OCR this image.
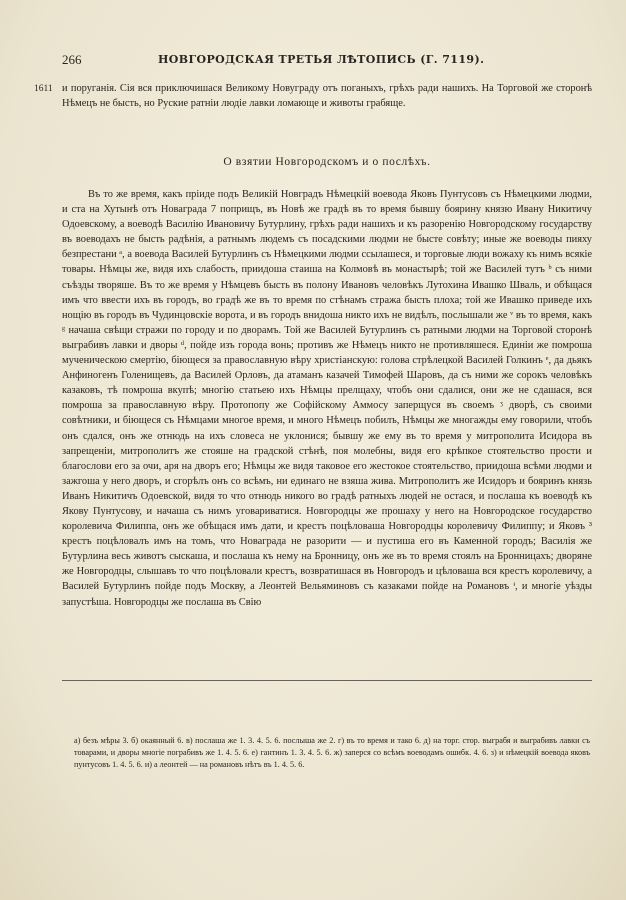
266	НОВГОРОДСКАЯ ТРЕТЬЯ ЛѢТОПИСЬ (Г. 7119).
1611 и поруганія. Сія вся приключишася Великому Новуграду отъ поганыхъ, грѣхъ ради нашихъ. На Торговой же сторонѣ Нѣмецъ не бысть, но Руские ратніи людіе лавки ломающе и животы грабяще.

О взятии Новгородскомъ и о послѣхъ.

Въ то же время, какъ пріиде подъ Великій Новградъ Нѣмецкій воевода Яковъ Пунтусовъ съ Нѣмецкими людми, и ста на Хутынѣ отъ Новаграда 7 поприщъ, въ Новѣ же градѣ въ то время бывшу боярину князю Ивану Никитичу Одоевскому, а воеводѣ Василію Ивановичу Бутурлину, грѣхъ ради нашихъ и къ разоренію Новгородскому государству въ воеводахъ не бысть радѣнія, а ратнымъ людемъ съ посадскими людми не бысте совѣту; иные же воеводы пияху безпрестани ᵃ, а воевода Василей Бутурлинъ съ Нѣмецкими людми ссылашеся, и торговые люди вожаху къ нимъ всякіе товары. Нѣмцы же, видя ихъ слабость, приидоша стаиша на Колмовѣ въ монастырѣ; той же Василей тутъ ᵇ съ ними съѣзды творяше. Въ то же время у Нѣмцевъ бысть въ полону Ивановъ человѣкъ Лутохина Ивашко Шваль, и обѣщася имъ что ввести ихъ въ городъ, во градѣ же въ то время по стѣнамъ стража бысть плоха; той же Ивашко приведе ихъ нощію въ городъ въ Чудинцовскіе ворота, и въ городъ внидоша никто ихъ не видѣлъ, послышали же ᵛ въ то время, какъ ᵍ начаша свѣщи стражи по городу и по дворамъ. Той же Василей Бутурлинъ съ ратными людми на Торговой сторонѣ выграбивъ лавки и дворы ᵈ, пойде изъ города вонь; противъ же Нѣмецъ никто не противляшеся. Единіи же помроша мученическою смертію, біющеся за православную вѣру христіанскую: голова стрѣлецкой Василей Голкинъ ᵉ, да дьякъ Анфиногенъ Голенищевъ, да Василей Орловъ, да атаманъ казачей Тимофей Шаровъ, да съ ними же сорокъ человѣкъ казаковъ, тѣ помроша вкупѣ; многію статьею ихъ Нѣмцы прелщаху, чтобъ они сдалися, они же не сдашася, вся помроша за православную вѣру. Протопопу же Софійскому Аммосу заперщуся въ своемъ ᶾ дворѣ, съ своими совѣтники, и біющеся съ Нѣмцами многое время, и много Нѣмецъ побилъ, Нѣмцы же многажды ему говорили, чтобъ онъ сдался, онъ же отнюдь на ихъ словеса не уклонися; бывшу же ему въ то время у митрополита Исидора въ запрещеніи, митрополитъ же стояше на градской стѣнѣ, поя молебны, видя его крѣпкое стоятельство прости и благослови его за очи, аря на дворъ его; Нѣмцы же видя таковое его жестокое стоятельство, приидоша всѣми людми и зажгоша у него дворъ, и сгорѣлъ онъ со всѣмъ, ни единаго не взяша жива. Митрополитъ же Исидоръ и бояринъ князь Иванъ Никитичъ Одоевской, видя то что отнюдь никого во градѣ ратныхъ людей не остася, и послаша къ воеводѣ къ Якову Пунтусову, и начаша съ нимъ уговариватися. Новгородцы же прошаху у него на Новгородское государство королевича Филиппа, онъ же обѣщася имъ дати, и крестъ поцѣловаша Новгородцы королевичу Филиппу; и Яковъ ³ крестъ поцѣловалъ имъ на томъ, что Новаграда не разорити — и пустиша его въ Каменной городъ; Василія же Бутурлина весь животъ сыскаша, и послаша къ нему на Бронницу, онъ же въ то время стоялъ на Бронницахъ; дворяне же Новгородцы, слышавъ то что поцѣловали крестъ, возвратишася въ Новгородъ и цѣловаша вся крестъ королевичу, а Василей Бутурлинъ пойде подъ Москву, а Леонтей Вельяминовъ съ казаками пойде на Романовъ ᶤ, и многіе уѣзды запустѣша. Новгородцы же послаша въ Свію

а) безъ мѣры 3. б) окаянный 6. в) послаша же 1. 3. 4. 5. 6. послыша же 2. г) въ то время и тако 6. д) на торг. стор. выграбя и выграбивъ лавки съ товарами, и дворы многіе пограбивъ же 1. 4. 5. 6. е) гантинъ 1. 3. 4. 5. 6. ж) заперся со всѣмъ воеводамъ ошибк. 4. 6. з) и нѣмецкій воевода яковъ пунтусовъ 1. 4. 5. 6. и) а леонтей — на романовъ нѣтъ въ 1. 4. 5. 6.
